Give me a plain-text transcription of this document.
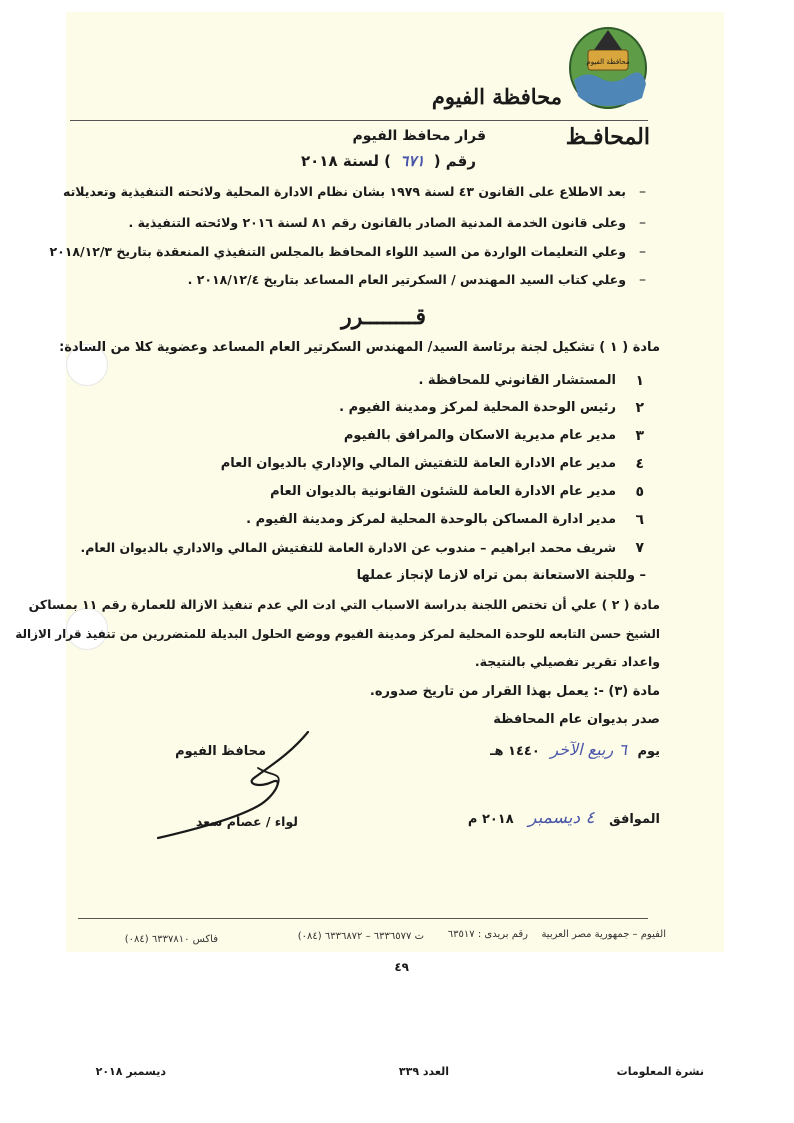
محافظة الفيوم
محافظة الفيوم
المحافـظ
قرار محافظ الفيوم
رقم ( ٦٧١ ) لسنة ٢٠١٨
–
بعد الاطلاع على القانون ٤٣ لسنة ١٩٧٩ بشان نظام الادارة المحلية ولائحته التنفيذية وتعديلاته
–
وعلى قانون الخدمة المدنية الصادر بالقانون رقم ٨١ لسنة ٢٠١٦ ولائحته التنفيذية .
–
وعلي التعليمات الواردة من السيد اللواء المحافظ بالمجلس التنفيذي المنعقدة بتاريخ ٢٠١٨/١٢/٣
–
وعلي كتاب السيد المهندس / السكرتير العام المساعد بتاريخ ٢٠١٨/١٢/٤ .
قــــــــرر
مادة ( ١ ) تشكيل لجنة برئاسة السيد/ المهندس السكرتير العام المساعد وعضوية كلا من السادة:
١
المستشار القانوني للمحافظة .
٢
رئيس الوحدة المحلية لمركز ومدينة الفيوم .
٣
مدير عام مديرية الاسكان والمرافق بالفيوم
٤
مدير عام الادارة العامة للتفتيش المالي والإداري بالديوان العام
٥
مدير عام الادارة العامة للشئون القانونية بالديوان العام
٦
مدير ادارة المساكن بالوحدة المحلية لمركز ومدينة الفيوم .
٧
شريف محمد ابراهيم – مندوب عن الادارة العامة للتفتيش المالي والاداري بالديوان العام.
– وللجنة الاستعانة بمن تراه لازما لإنجاز عملها
مادة ( ٢ ) علي أن تختص اللجنة بدراسة الاسباب التي ادت الي عدم تنفيذ الازالة للعمارة رقم ١١ بمساكن
الشيخ حسن التابعه للوحدة المحلية لمركز ومدينة الفيوم ووضع الحلول البديلة للمتضررين من تنفيذ قرار الازالة
واعداد تقرير تفصيلي بالنتيجة.
مادة (٣) -: يعمل بهذا القرار من تاريخ صدوره.
صدر بديوان عام المحافظة
يوم ٦ ربيع الآخر ١٤٤٠ هـ
الموافق ٤ ديسمبر ٢٠١٨ م
محافظ الفيوم
لواء / عصام سعد
الفيوم – جمهورية مصر العربية
رقم بريدى : ٦٣٥١٧
ت ٦٣٣٦٥٧٧ – ٦٣٣٦٨٧٢ (٠٨٤)
فاكس ٦٣٣٧٨١٠ (٠٨٤)
٤٩
نشرة المعلومات
العدد ٣٣٩
ديسمبر ٢٠١٨
